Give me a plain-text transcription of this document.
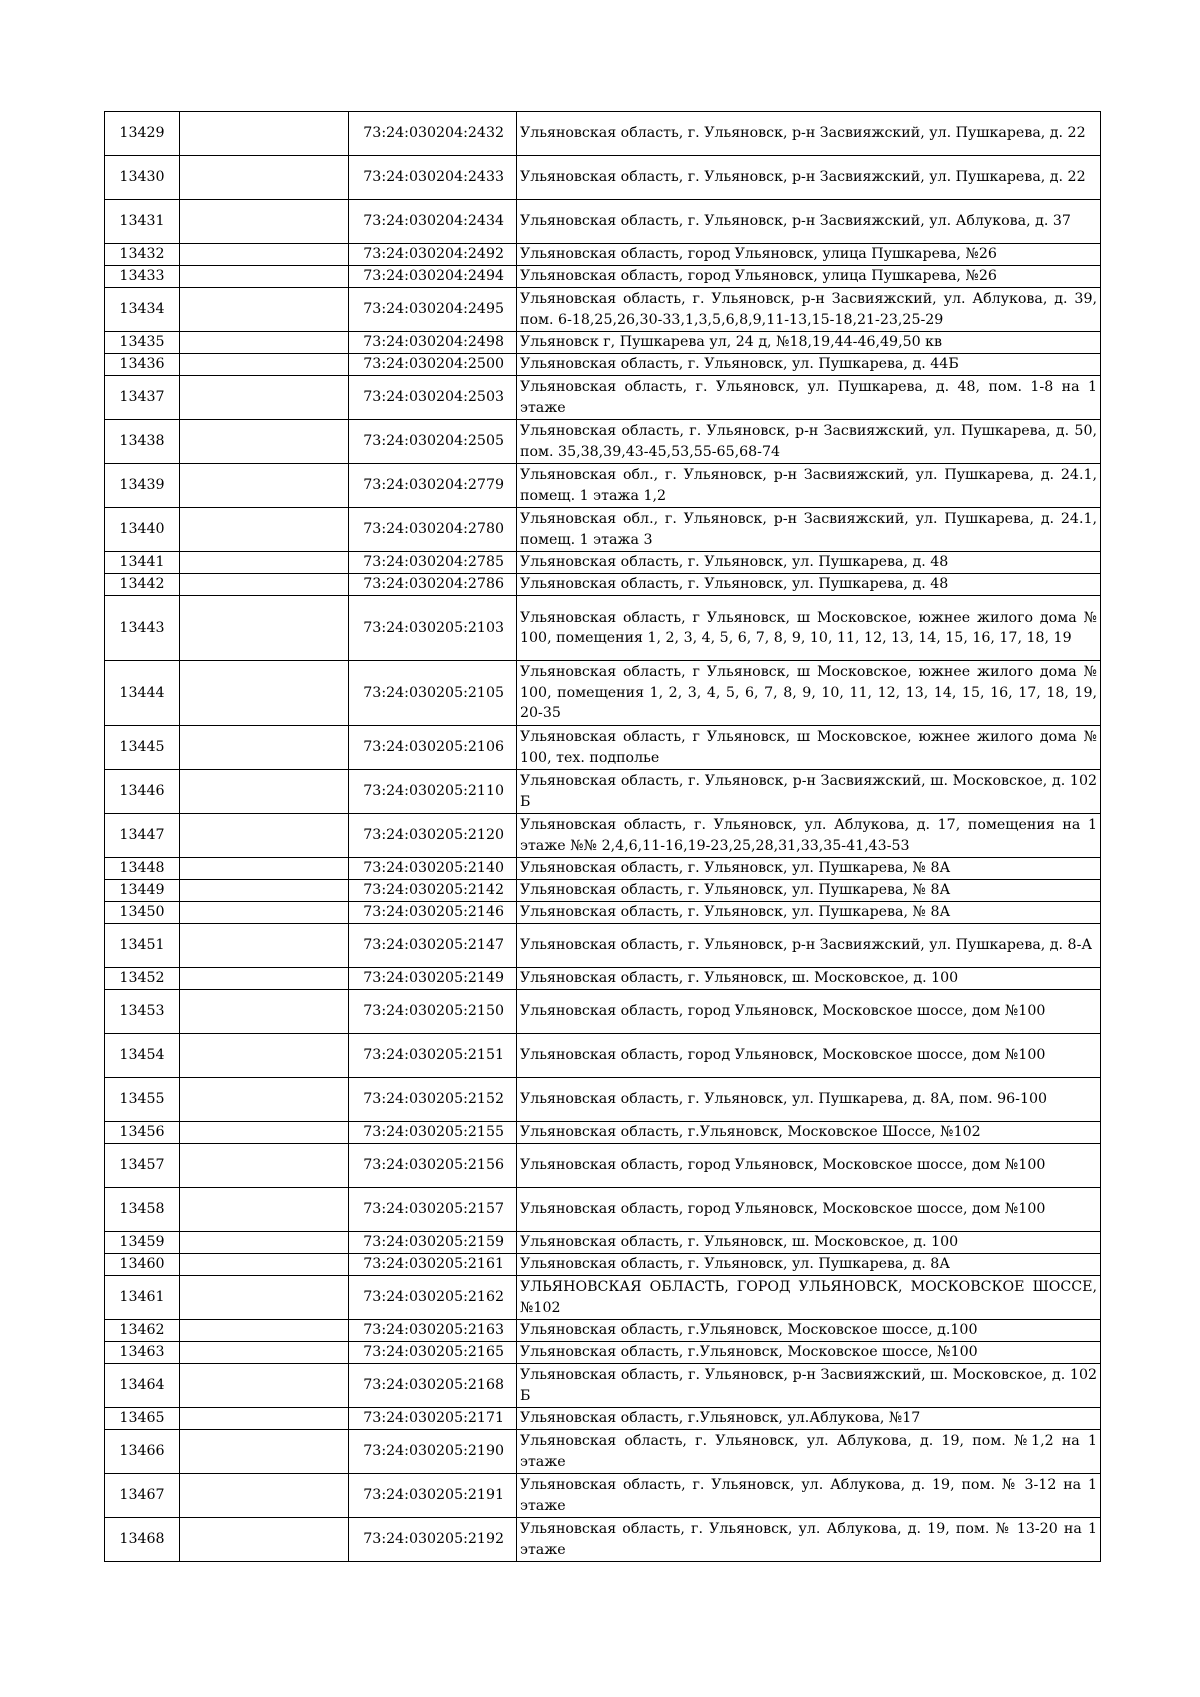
13429		73:24:030204:2432	Ульяновская область, г. Ульяновск, р-н Засвияжский, ул. Пушкарева, д. 22
13430		73:24:030204:2433	Ульяновская область, г. Ульяновск, р-н Засвияжский, ул. Пушкарева, д. 22
13431		73:24:030204:2434	Ульяновская область, г. Ульяновск, р-н Засвияжский, ул. Аблукова, д. 37
13432		73:24:030204:2492	Ульяновская область, город Ульяновск, улица Пушкарева, №26
13433		73:24:030204:2494	Ульяновская область, город Ульяновск, улица Пушкарева, №26
13434		73:24:030204:2495	Ульяновская область, г. Ульяновск, р-н Засвияжский, ул. Аблукова, д. 39, пом. 6-18,25,26,30-33,1,3,5,6,8,9,11-13,15-18,21-23,25-29
13435		73:24:030204:2498	Ульяновск г, Пушкарева ул, 24 д, №18,19,44-46,49,50 кв
13436		73:24:030204:2500	Ульяновская область, г. Ульяновск, ул. Пушкарева, д. 44Б
13437		73:24:030204:2503	Ульяновская область, г. Ульяновск, ул. Пушкарева, д. 48, пом. 1-8 на 1 этаже
13438		73:24:030204:2505	Ульяновская область, г. Ульяновск, р-н Засвияжский, ул. Пушкарева, д. 50, пом. 35,38,39,43-45,53,55-65,68-74
13439		73:24:030204:2779	Ульяновская обл., г. Ульяновск, р-н Засвияжский, ул. Пушкарева, д. 24.1, помещ. 1 этажа 1,2
13440		73:24:030204:2780	Ульяновская обл., г. Ульяновск, р-н Засвияжский, ул. Пушкарева, д. 24.1, помещ. 1 этажа 3
13441		73:24:030204:2785	Ульяновская область, г. Ульяновск, ул. Пушкарева, д. 48
13442		73:24:030204:2786	Ульяновская область, г. Ульяновск, ул. Пушкарева, д. 48
13443		73:24:030205:2103	Ульяновская область, г Ульяновск, ш Московское, южнее жилого дома № 100, помещения 1, 2, 3, 4, 5, 6, 7, 8, 9, 10, 11, 12, 13, 14, 15, 16, 17, 18, 19
13444		73:24:030205:2105	Ульяновская область, г Ульяновск, ш Московское, южнее жилого дома № 100, помещения 1, 2, 3, 4, 5, 6, 7, 8, 9, 10, 11, 12, 13, 14, 15, 16, 17, 18, 19, 20-35
13445		73:24:030205:2106	Ульяновская область, г Ульяновск, ш Московское, южнее жилого дома № 100, тех. подполье
13446		73:24:030205:2110	Ульяновская область, г. Ульяновск, р-н Засвияжский, ш. Московское, д. 102 Б
13447		73:24:030205:2120	Ульяновская область, г. Ульяновск, ул. Аблукова, д. 17, помещения на 1 этаже №№ 2,4,6,11-16,19-23,25,28,31,33,35-41,43-53
13448		73:24:030205:2140	Ульяновская область, г. Ульяновск, ул. Пушкарева, № 8А
13449		73:24:030205:2142	Ульяновская область, г. Ульяновск, ул. Пушкарева, № 8А
13450		73:24:030205:2146	Ульяновская область, г. Ульяновск, ул. Пушкарева, № 8А
13451		73:24:030205:2147	Ульяновская область, г. Ульяновск, р-н Засвияжский, ул. Пушкарева, д. 8-А
13452		73:24:030205:2149	Ульяновская область, г. Ульяновск, ш. Московское, д. 100
13453		73:24:030205:2150	Ульяновская область, город Ульяновск, Московское шоссе, дом №100
13454		73:24:030205:2151	Ульяновская область, город Ульяновск, Московское шоссе, дом №100
13455		73:24:030205:2152	Ульяновская область, г. Ульяновск, ул. Пушкарева, д. 8А, пом. 96-100
13456		73:24:030205:2155	Ульяновская область, г.Ульяновск, Московское Шоссе, №102
13457		73:24:030205:2156	Ульяновская область, город Ульяновск, Московское шоссе, дом №100
13458		73:24:030205:2157	Ульяновская область, город Ульяновск, Московское шоссе, дом №100
13459		73:24:030205:2159	Ульяновская область, г. Ульяновск, ш. Московское, д. 100
13460		73:24:030205:2161	Ульяновская область, г. Ульяновск, ул. Пушкарева, д. 8А
13461		73:24:030205:2162	УЛЬЯНОВСКАЯ ОБЛАСТЬ, ГОРОД УЛЬЯНОВСК, МОСКОВСКОЕ ШОССЕ, №102
13462		73:24:030205:2163	Ульяновская область, г.Ульяновск, Московское шоссе, д.100
13463		73:24:030205:2165	Ульяновская область, г.Ульяновск, Московское шоссе, №100
13464		73:24:030205:2168	Ульяновская область, г. Ульяновск, р-н Засвияжский, ш. Московское, д. 102 Б
13465		73:24:030205:2171	Ульяновская область, г.Ульяновск, ул.Аблукова, №17
13466		73:24:030205:2190	Ульяновская область, г. Ульяновск, ул. Аблукова, д. 19, пом. №1,2 на 1 этаже
13467		73:24:030205:2191	Ульяновская область, г. Ульяновск, ул. Аблукова, д. 19, пом. № 3-12 на 1 этаже
13468		73:24:030205:2192	Ульяновская область, г. Ульяновск, ул. Аблукова, д. 19, пом. № 13-20 на 1 этаже
